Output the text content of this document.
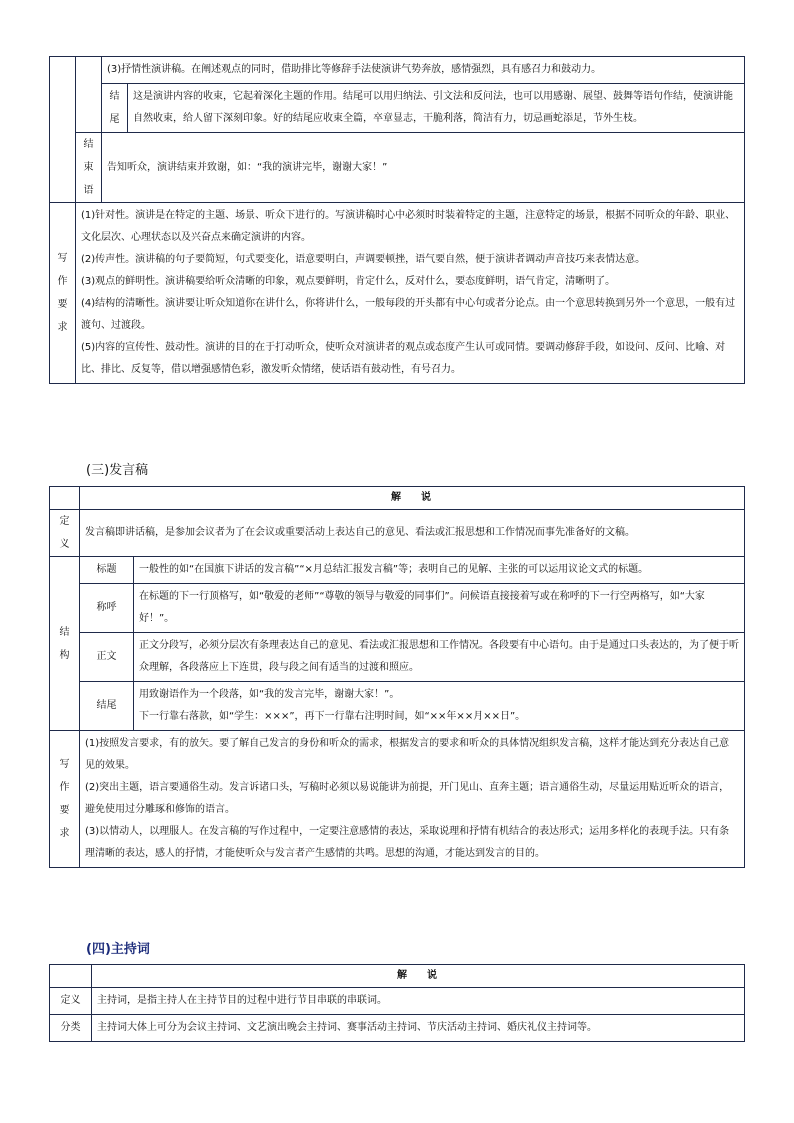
		(3)抒情性演讲稿。在阐述观点的同时，借助排比等修辞手法使演讲气势奔放，感情强烈，具有感召力和鼓动力。	

		结尾	这是演讲内容的收束，它起着深化主题的作用。结尾可以用归纳法、引文法和反问法，也可以用感谢、展望、鼓舞等语句作结，使演讲能自然收束，给人留下深刻印象。好的结尾应收束全篇，卒章显志，干脆利落，简洁有力，切忌画蛇添足，节外生枝。

	结束语	告知听众，演讲结束并致谢，如：“我的演讲完毕，谢谢大家！”	

写作要求	(1)针对性。演讲是在特定的主题、场景、听众下进行的。写演讲稿时心中必须时时装着特定的主题，注意特定的场景，根据不同听众的年龄、职业、文化层次、心理状态以及兴奋点来确定演讲的内容。
(2)传声性。演讲稿的句子要简短，句式要变化，语意要明白，声调要顿挫，语气要自然，便于演讲者调动声音技巧来表情达意。
(3)观点的鲜明性。演讲稿要给听众清晰的印象，观点要鲜明，肯定什么，反对什么，要态度鲜明，语气肯定，清晰明了。
(4)结构的清晰性。演讲要让听众知道你在讲什么，你将讲什么，一般每段的开头都有中心句或者分论点。由一个意思转换到另外一个意思，一般有过渡句、过渡段。
(5)内容的宣传性、鼓动性。演讲的目的在于打动听众，使听众对演讲者的观点或态度产生认可或同情。要调动修辞手段，如设问、反问、比喻、对比、排比、反复等，借以增强感情色彩，激发听众情绪，使话语有鼓动性，有号召力。		
(三)发言稿
	解 说	

定义	发言稿即讲话稿，是参加会议者为了在会议或重要活动上表达自己的意见、看法或汇报思想和工作情况而事先准备好的文稿。	

结构	标题	一般性的如“在国旗下讲话的发言稿”“×月总结汇报发言稿”等；表明自己的见解、主张的可以运用议论文式的标题。
	称呼	在标题的下一行顶格写，如“敬爱的老师”“尊敬的领导与敬爱的同事们”。问候语直接接着写或在称呼的下一行空两格写，如“大家好！”。
	正文	正文分段写，必须分层次有条理表达自己的意见、看法或汇报思想和工作情况。各段要有中心语句。由于是通过口头表达的，为了便于听众理解，各段落应上下连贯，段与段之间有适当的过渡和照应。
	结尾	用致谢语作为一个段落，如“我的发言完毕，谢谢大家！”。
下一行靠右落款，如“学生：×××”，再下一行靠右注明时间，如“××年××月××日”。

写作要求	(1)按照发言要求，有的放矢。要了解自己发言的身份和听众的需求，根据发言的要求和听众的具体情况组织发言稿，这样才能达到充分表达自己意见的效果。
(2)突出主题，语言要通俗生动。发言诉诸口头，写稿时必须以易说能讲为前提，开门见山、直奔主题；语言通俗生动，尽量运用贴近听众的语言，避免使用过分雕琢和修饰的语言。
(3)以情动人，以理服人。在发言稿的写作过程中，一定要注意感情的表达，采取说理和抒情有机结合的表达形式；运用多样化的表现手法。只有条理清晰的表达，感人的抒情，才能使听众与发言者产生感情的共鸣。思想的沟通，才能达到发言的目的。	
(四)主持词
	解 说
定义	主持词，是指主持人在主持节目的过程中进行节目串联的串联词。
分类	主持词大体上可分为会议主持词、文艺演出晚会主持词、赛事活动主持词、节庆活动主持词、婚庆礼仪主持词等。
